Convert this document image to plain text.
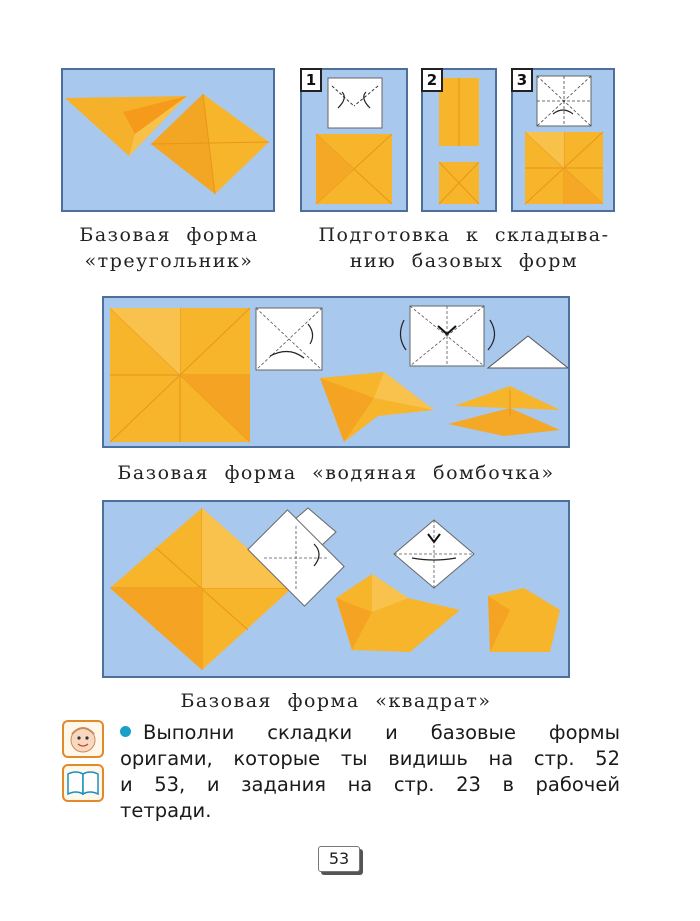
Базовая форма
«треугольник»
1	2	3
Подготовка к складыва-
нию базовых форм
Базовая форма «водяная бомбочка»
Базовая форма «квадрат»
Выполни складки и базовые формы
оригами, которые ты видишь на стр. 52
и 53, и задания на стр. 23 в рабочей
тетради.
53
